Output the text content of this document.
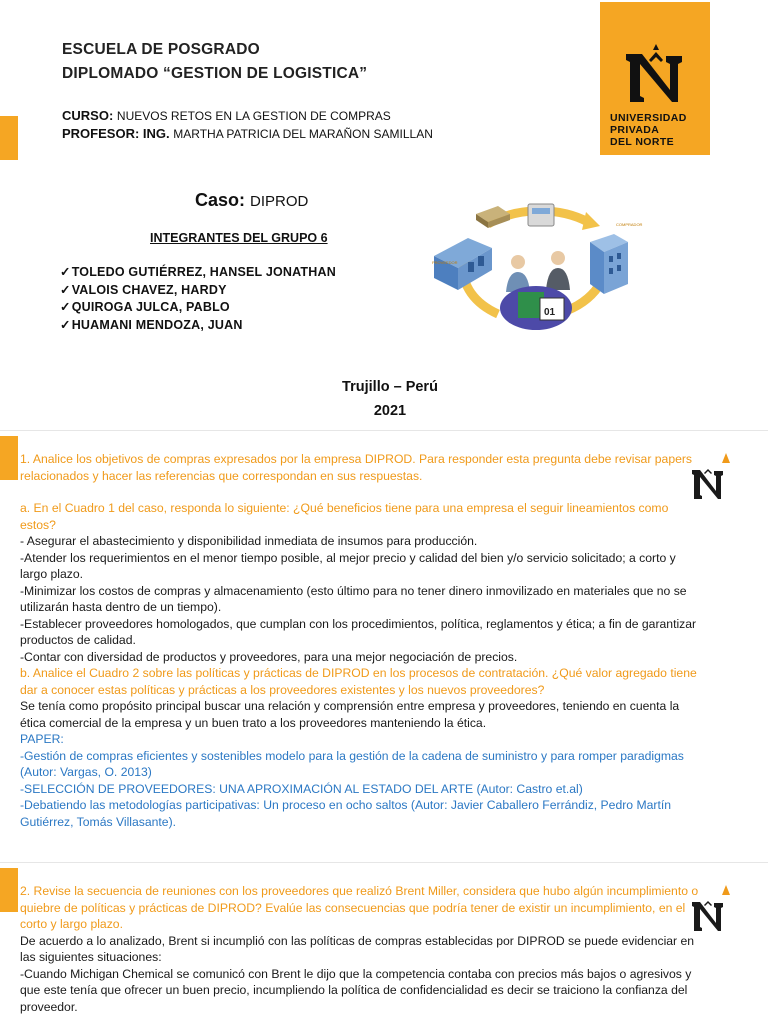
ESCUELA DE POSGRADO
DIPLOMADO “GESTION DE LOGISTICA”
CURSO: NUEVOS RETOS EN LA GESTION DE COMPRAS
PROFESOR: ING. MARTHA PATRICIA DEL MARAÑON SAMILLAN
UNIVERSIDAD
PRIVADA
DEL NORTE
Caso: DIPROD
INTEGRANTES DEL GRUPO 6
✓ TOLEDO GUTIÉRREZ, HANSEL JONATHAN
✓ VALOIS CHAVEZ, HARDY
✓ QUIROGA JULCA, PABLO
✓ HUAMANI MENDOZA, JUAN
01
PROVEEDOR
COMPRADOR
Trujillo – Perú
2021

1. Analice los objetivos de compras expresados por la empresa DIPROD. Para responder esta pregunta debe revisar papers relacionados y hacer las referencias que correspondan en sus respuestas.

a. En el Cuadro 1 del caso, responda lo siguiente: ¿Qué beneficios tiene para una empresa el seguir lineamientos como estos?

- Asegurar el abastecimiento y disponibilidad inmediata de insumos para producción.

-Atender los requerimientos en el menor tiempo posible, al mejor precio y calidad del bien y/o servicio solicitado; a corto y largo plazo.

-Minimizar los costos de compras y almacenamiento (esto último para no tener dinero inmovilizado en materiales que no se utilizarán hasta dentro de un tiempo).

-Establecer proveedores homologados, que cumplan con los procedimientos, política, reglamentos y ética; a fin de garantizar productos de calidad.

-Contar con diversidad de productos y proveedores, para una mejor negociación de precios.

b. Analice el Cuadro 2 sobre las políticas y prácticas de DIPROD en los procesos de contratación. ¿Qué valor agregado tiene dar a conocer estas políticas y prácticas a los proveedores existentes y los nuevos proveedores?

Se tenía como propósito principal buscar una relación y comprensión entre empresa y proveedores, teniendo en cuenta la ética comercial de la empresa y un buen trato a los proveedores manteniendo la ética.

PAPER:

-Gestión de compras eficientes y sostenibles modelo para la gestión de la cadena de suministro y para romper paradigmas (Autor: Vargas, O. 2013)

-SELECCIÓN DE PROVEEDORES: UNA APROXIMACIÓN AL ESTADO DEL ARTE (Autor: Castro et.al)

-Debatiendo las metodologías participativas: Un proceso en ocho saltos (Autor: Javier Caballero Ferrándiz, Pedro Martín Gutiérrez, Tomás Villasante).

2. Revise la secuencia de reuniones con los proveedores que realizó Brent Miller, considera que hubo algún incumplimiento o quiebre de políticas y prácticas de DIPROD? Evalúe las consecuencias que podría tener de existir un incumplimiento, en el corto y largo plazo.

De acuerdo a lo analizado, Brent si incumplió con las políticas de compras establecidas por DIPROD se puede evidenciar en las siguientes situaciones:

-Cuando Michigan Chemical se comunicó con Brent le dijo que la competencia contaba con precios más bajos o agresivos y que este tenía que ofrecer un buen precio, incumpliendo la política de confidencialidad es decir se traiciono la confianza del proveedor.
